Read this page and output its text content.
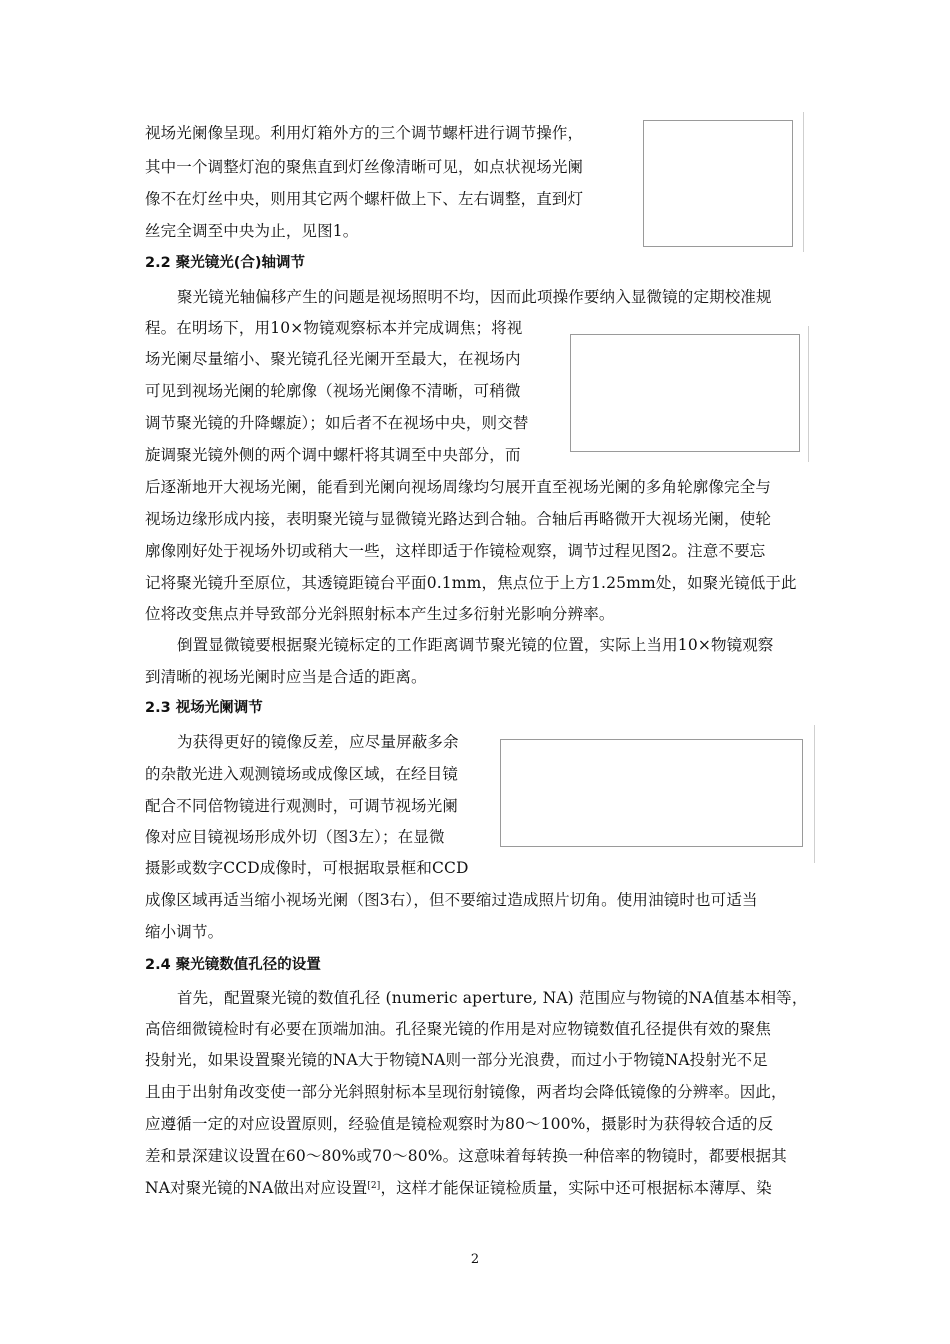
视场光阑像呈现。利用灯箱外方的三个调节螺杆进行调节操作，
其中一个调整灯泡的聚焦直到灯丝像清晰可见，如点状视场光阑
像不在灯丝中央，则用其它两个螺杆做上下、左右调整，直到灯
丝完全调至中央为止，见图1。
2.2 聚光镜光(合)轴调节
聚光镜光轴偏移产生的问题是视场照明不均，因而此项操作要纳入显微镜的定期校准规
程。在明场下，用10×物镜观察标本并完成调焦；将视
场光阑尽量缩小、聚光镜孔径光阑开至最大，在视场内
可见到视场光阑的轮廓像（视场光阑像不清晰，可稍微
调节聚光镜的升降螺旋）；如后者不在视场中央，则交替
旋调聚光镜外侧的两个调中螺杆将其调至中央部分，而
后逐渐地开大视场光阑，能看到光阑向视场周缘均匀展开直至视场光阑的多角轮廓像完全与
视场边缘形成内接，表明聚光镜与显微镜光路达到合轴。合轴后再略微开大视场光阑，使轮
廓像刚好处于视场外切或稍大一些，这样即适于作镜检观察，调节过程见图2。注意不要忘
记将聚光镜升至原位，其透镜距镜台平面0.1mm，焦点位于上方1.25mm处，如聚光镜低于此
位将改变焦点并导致部分光斜照射标本产生过多衍射光影响分辨率。
倒置显微镜要根据聚光镜标定的工作距离调节聚光镜的位置，实际上当用10×物镜观察
到清晰的视场光阑时应当是合适的距离。
2.3 视场光阑调节
为获得更好的镜像反差，应尽量屏蔽多余
的杂散光进入观测镜场或成像区域，在经目镜
配合不同倍物镜进行观测时，可调节视场光阑
像对应目镜视场形成外切（图3左）；在显微
摄影或数字CCD成像时，可根据取景框和CCD
成像区域再适当缩小视场光阑（图3右），但不要缩过造成照片切角。使用油镜时也可适当
缩小调节。
2.4 聚光镜数值孔径的设置
首先，配置聚光镜的数值孔径 (numeric aperture, NA) 范围应与物镜的NA值基本相等，
高倍细微镜检时有必要在顶端加油。孔径聚光镜的作用是对应物镜数值孔径提供有效的聚焦
投射光，如果设置聚光镜的NA大于物镜NA则一部分光浪费，而过小于物镜NA投射光不足
且由于出射角改变使一部分光斜照射标本呈现衍射镜像，两者均会降低镜像的分辨率。因此，
应遵循一定的对应设置原则，经验值是镜检观察时为80～100%，摄影时为获得较合适的反
差和景深建议设置在60～80%或70～80%。这意味着每转换一种倍率的物镜时，都要根据其
NA对聚光镜的NA做出对应设置[2]，这样才能保证镜检质量，实际中还可根据标本薄厚、染
2
